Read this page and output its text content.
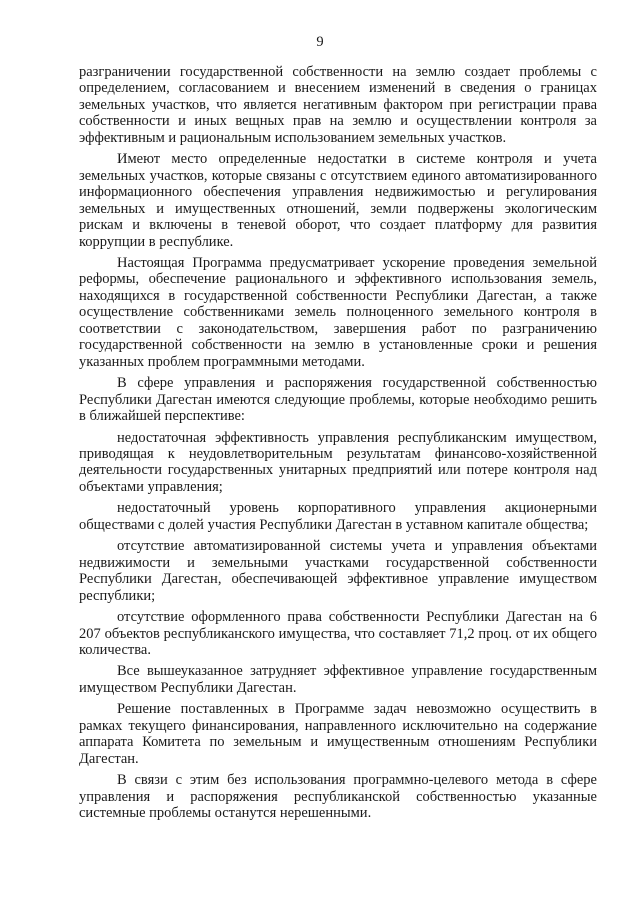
9

разграничении государственной собственности на землю создает проблемы с определением, согласованием и внесением изменений в сведения о границах земельных участков, что является негативным фактором при регистрации права собственности и иных вещных прав на землю и осуществлении контроля за эффективным и рациональным использованием земельных участков.

Имеют место определенные недостатки в системе контроля и учета земельных участков, которые связаны с отсутствием единого автоматизированного информационного обеспечения управления недвижимостью и регулирования земельных и имущественных отношений, земли подвержены экологическим рискам и включены в теневой оборот, что создает платформу для развития коррупции в республике.

Настоящая Программа предусматривает ускорение проведения земельной реформы, обеспечение рационального и эффективного использования земель, находящихся в государственной собственности Республики Дагестан, а также осуществление собственниками земель полноценного земельного контроля в соответствии с законодательством, завершения работ по разграничению государственной собственности на землю в установленные сроки и решения указанных проблем программными методами.

В сфере управления и распоряжения государственной собственностью Республики Дагестан имеются следующие проблемы, которые необходимо решить в ближайшей перспективе:

недостаточная эффективность управления республиканским имуществом, приводящая к неудовлетворительным результатам финансово-хозяйственной деятельности государственных унитарных предприятий или потере контроля над объектами управления;

недостаточный уровень корпоративного управления акционерными обществами с долей участия Республики Дагестан в уставном капитале общества;

отсутствие автоматизированной системы учета и управления объектами недвижимости и земельными участками государственной собственности Республики Дагестан, обеспечивающей эффективное управление имуществом республики;

отсутствие оформленного права собственности Республики Дагестан на 6 207 объектов республиканского имущества, что составляет 71,2 проц. от их общего количества.

Все вышеуказанное затрудняет эффективное управление государственным имуществом Республики Дагестан.

Решение поставленных в Программе задач невозможно осуществить в рамках текущего финансирования, направленного исключительно на содержание аппарата Комитета по земельным и имущественным отношениям Республики Дагестан.

В связи с этим без использования программно-целевого метода в сфере управления и распоряжения республиканской собственностью указанные системные проблемы останутся нерешенными.
